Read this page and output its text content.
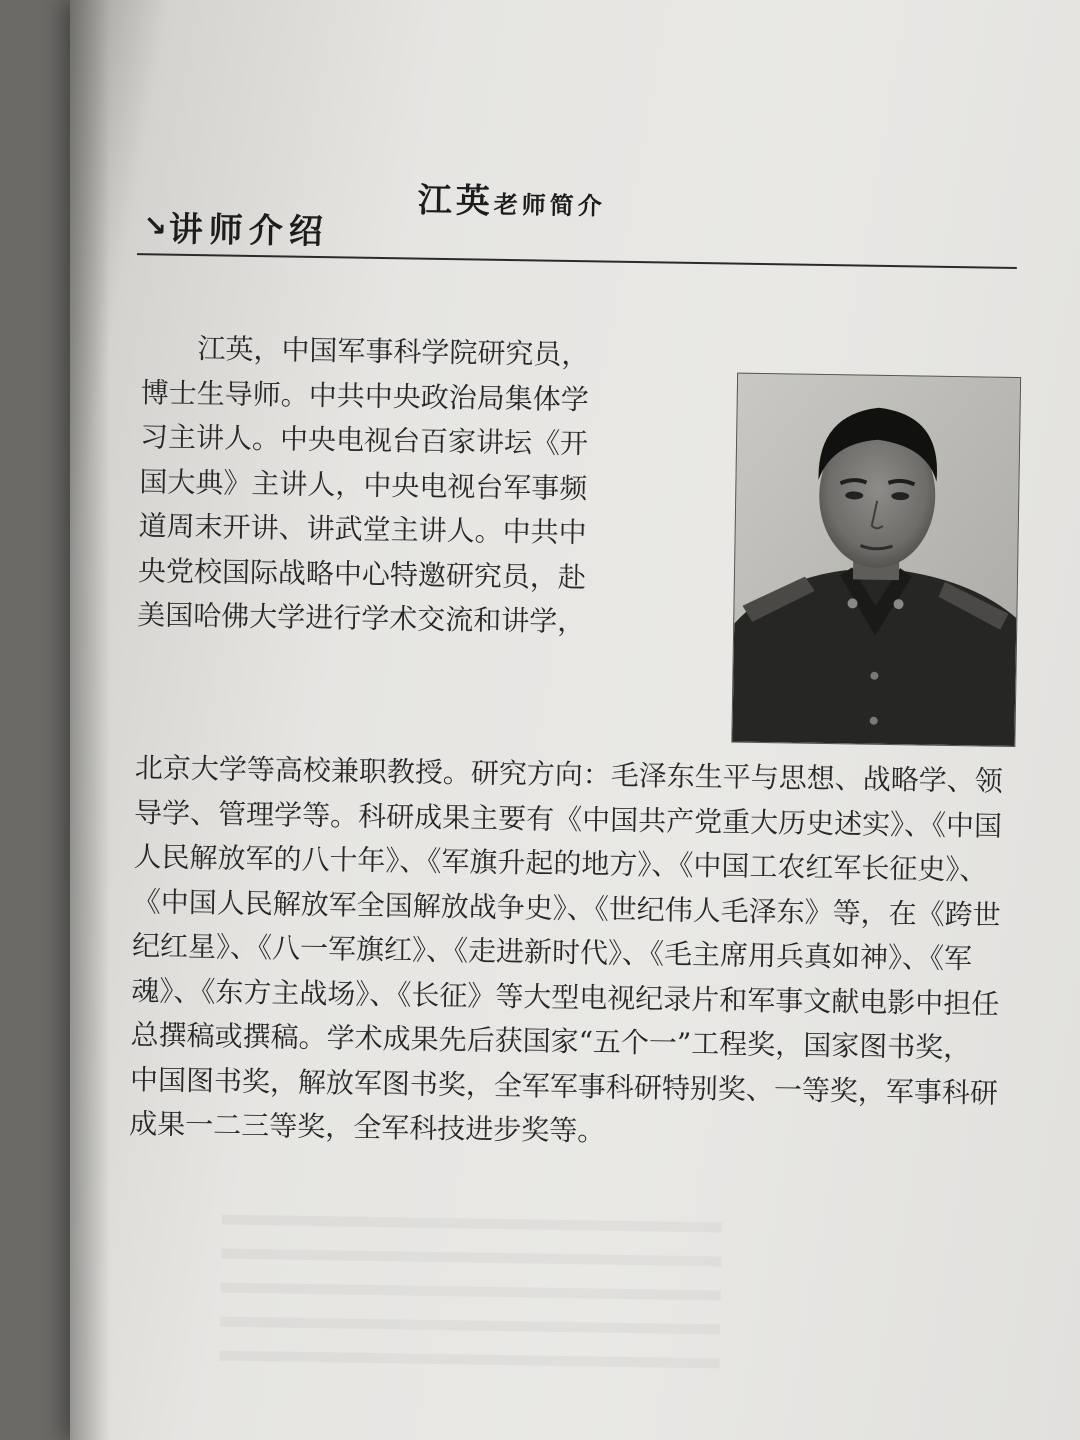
江英老师简介
↘ 讲师介绍
江英，中国军事科学院研究员，
博士生导师。中共中央政治局集体学
习主讲人。中央电视台百家讲坛《开
国大典》主讲人，中央电视台军事频
道周末开讲、讲武堂主讲人。中共中
央党校国际战略中心特邀研究员，赴
美国哈佛大学进行学术交流和讲学，
北京大学等高校兼职教授。研究方向：毛泽东生平与思想、战略学、领
导学、管理学等。科研成果主要有《中国共产党重大历史述实》、《中国
人民解放军的八十年》、《军旗升起的地方》、《中国工农红军长征史》、
《中国人民解放军全国解放战争史》、《世纪伟人毛泽东》等，在《跨世
纪红星》、《八一军旗红》、《走进新时代》、《毛主席用兵真如神》、《军
魂》、《东方主战场》、《长征》等大型电视纪录片和军事文献电影中担任
总撰稿或撰稿。学术成果先后获国家“五个一”工程奖，国家图书奖，
中国图书奖，解放军图书奖，全军军事科研特别奖、一等奖，军事科研
成果一二三等奖，全军科技进步奖等。
